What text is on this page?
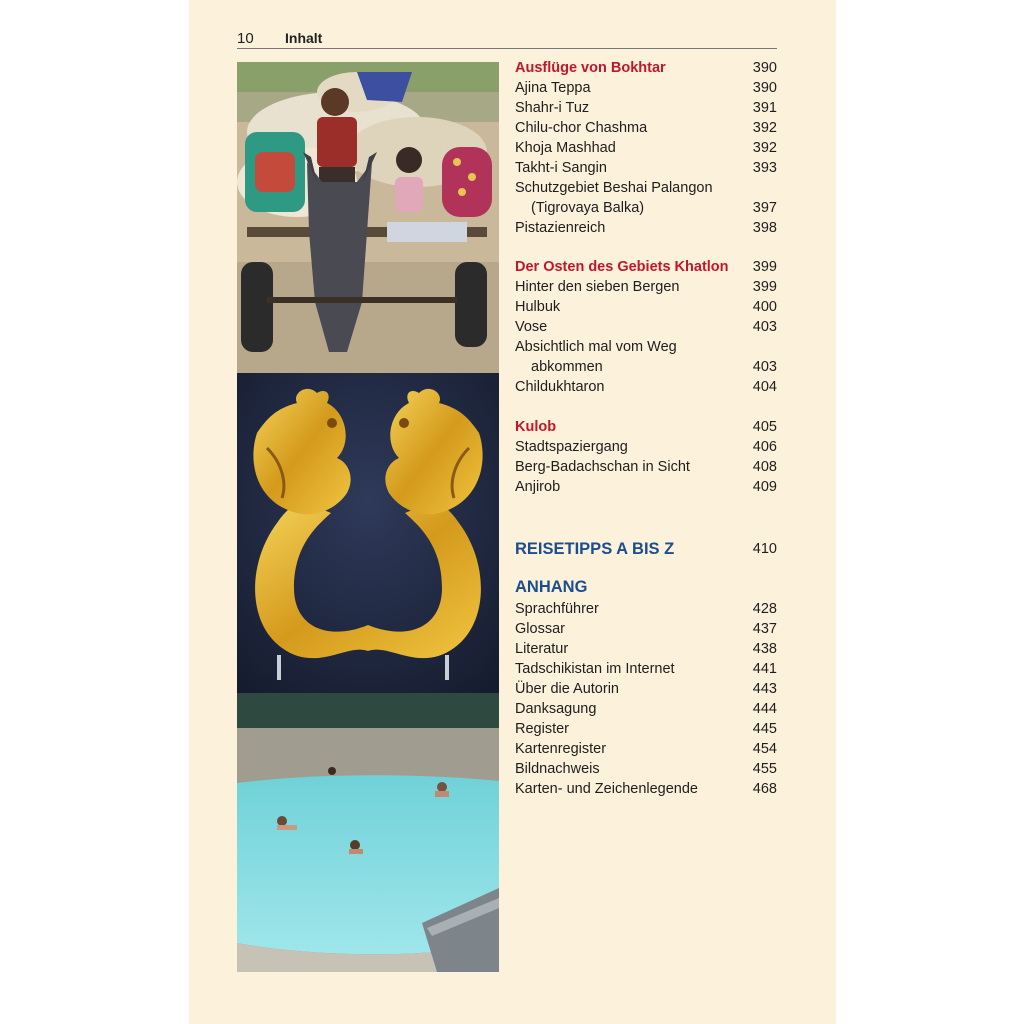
10 Inhalt
Ausflüge von Bokhtar	390
Ajina Teppa	390
Shahr-i Tuz	391
Chilu-chor Chashma	392
Khoja Mashhad	392
Takht-i Sangin	393
Schutzgebiet Beshai Palangon
(Tigrovaya Balka)	397
Pistazienreich	398
Der Osten des Gebiets Khatlon 399
Hinter den sieben Bergen	399
Hulbuk	400
Vose	403
Absichtlich mal vom Weg
abkommen	403
Childukhtaron	404
Kulob	405
Stadtspaziergang	406
Berg-Badachschan in Sicht	408
Anjirob	409
REISETIPPS A BIS Z	410
ANHANG
Sprachführer	428
Glossar	437
Literatur	438
Tadschikistan im Internet	441
Über die Autorin	443
Danksagung	444
Register	445
Kartenregister	454
Bildnachweis	455
Karten- und Zeichenlegende	468
